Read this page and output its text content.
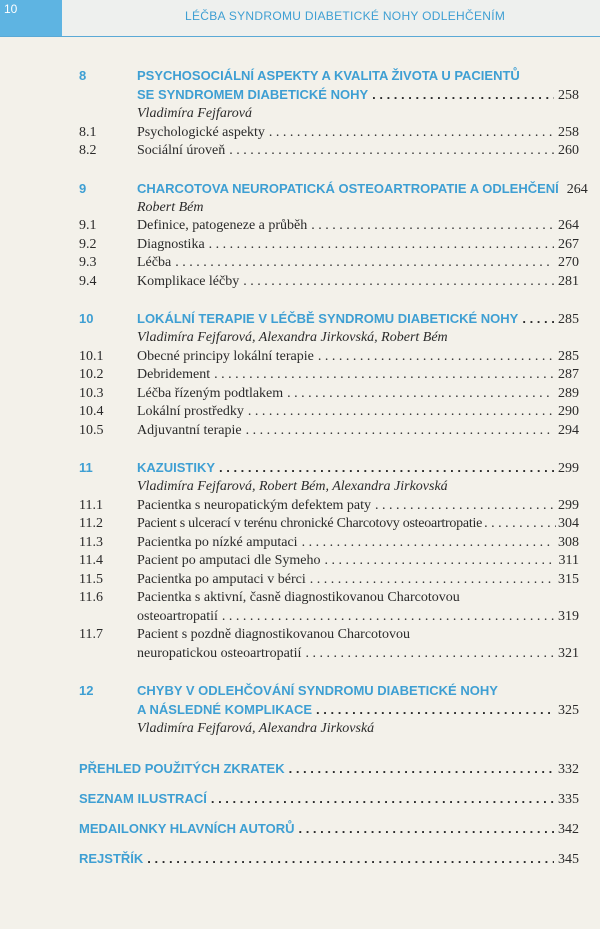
10	LÉČBA SYNDROMU DIABETICKÉ NOHY ODLEHČENÍM
8	PSYCHOSOCIÁLNÍ ASPEKTY A KVALITA ŽIVOTA U PACIENTŮ
SE SYNDROMEM DIABETICKÉ NOHY . . .	258
Vladimíra Fejfarová
8.1	Psychologické aspekty . . .	258
8.2	Sociální úroveň . . .	260
9	CHARCOTOVA NEUROPATICKÁ OSTEOARTROPATIE A ODLEHČENÍ 264
Robert Bém
9.1	Definice, patogeneze a průběh . . .	264
9.2	Diagnostika . . .	267
9.3	Léčba . . .	270
9.4	Komplikace léčby . . .	281
10	LOKÁLNÍ TERAPIE V LÉČBĚ SYNDROMU DIABETICKÉ NOHY . . .	285
Vladimíra Fejfarová, Alexandra Jirkovská, Robert Bém
10.1	Obecné principy lokální terapie . . .	285
10.2	Debridement . . .	287
10.3	Léčba řízeným podtlakem . . .	289
10.4	Lokální prostředky . . .	290
10.5	Adjuvantní terapie . . .	294
11	KAZUISTIKY . . .	299
Vladimíra Fejfarová, Robert Bém, Alexandra Jirkovská
11.1	Pacientka s neuropatickým defektem paty . . .	299
11.2	Pacient s ulcerací v terénu chronické Charcotovy osteoartropatie . . .	304
11.3	Pacientka po nízké amputaci . . .	308
11.4	Pacient po amputaci dle Symeho . . .	311
11.5	Pacientka po amputaci v bérci . . .	315
11.6	Pacientka s aktivní, časně diagnostikovanou Charcotovou
osteoartropatií . . .	319
11.7	Pacient s pozdně diagnostikovanou Charcotovou
neuropatickou osteoartropatií . . .	321
12	CHYBY V ODLEHČOVÁNÍ SYNDROMU DIABETICKÉ NOHY
A NÁSLEDNÉ KOMPLIKACE . . .	325
Vladimíra Fejfarová, Alexandra Jirkovská
PŘEHLED POUŽITÝCH ZKRATEK . . .	332
SEZNAM ILUSTRACÍ . . .	335
MEDAILONKY HLAVNÍCH AUTORŮ . . .	342
REJSTŘÍK . . .	345
